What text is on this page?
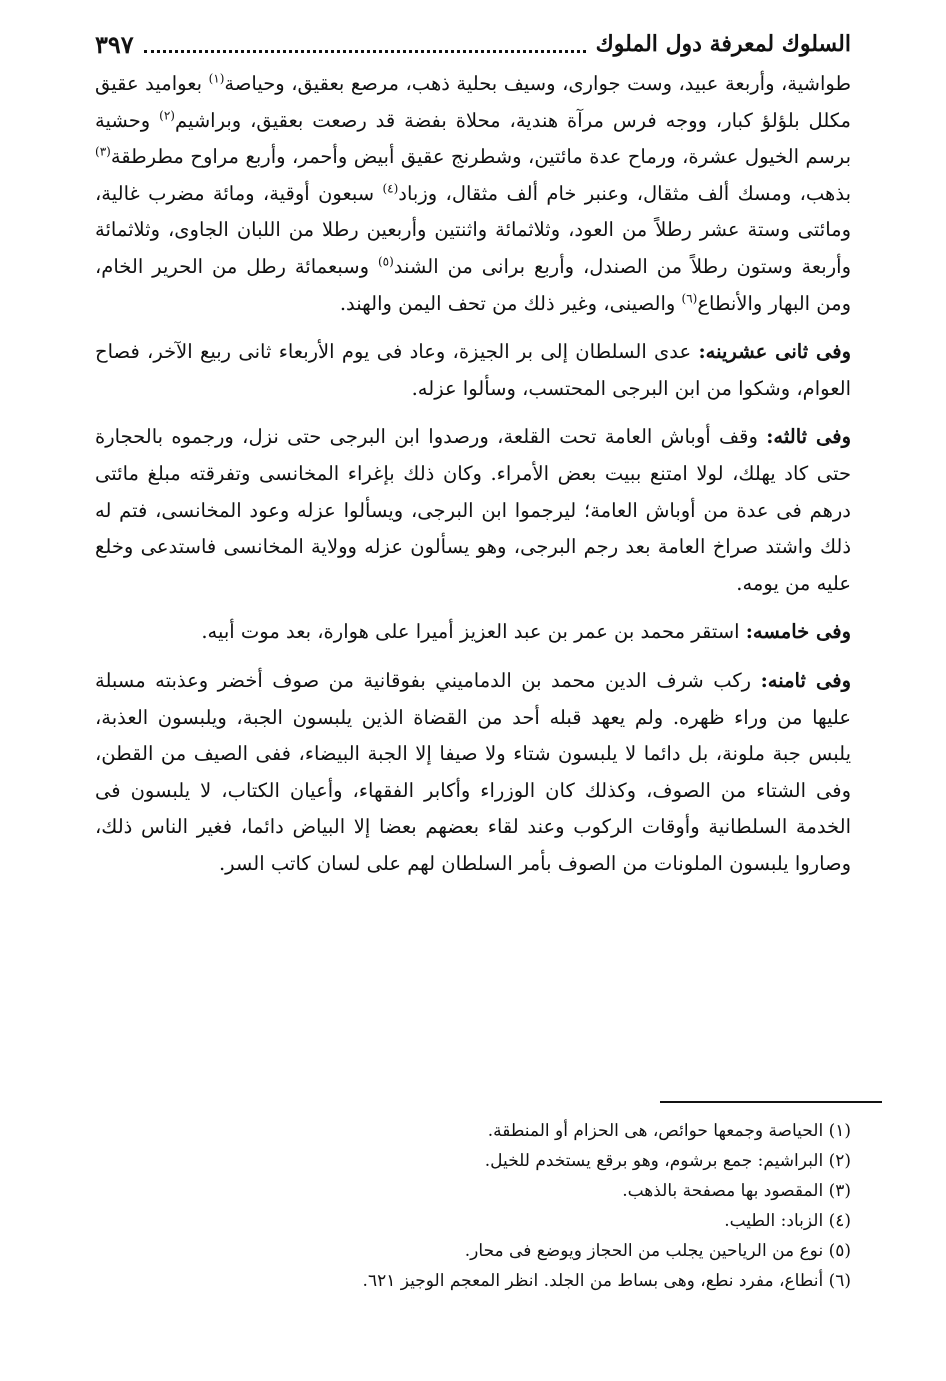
السلوك لمعرفة دول الملوك
٣٩٧

طواشية، وأربعة عبيد، وست جوارى، وسيف بحلية ذهب، مرصع بعقيق، وحياصة$^{(١)}$ بعواميد عقيق مكلل بلؤلؤ كبار، ووجه فرس مرآة هندية، محلاة بفضة قد رصعت بعقيق، وبراشيم$^{(٢)}$ وحشية برسم الخيول عشرة، ورماح عدة مائتين، وشطرنج عقيق أبيض وأحمر، وأربع مراوح مطرطقة$^{(٣)}$ بذهب، ومسك ألف مثقال، وعنبر خام ألف مثقال، وزباد$^{(٤)}$ سبعون أوقية، ومائة مضرب غالية، ومائتى وستة عشر رطلاً من العود، وثلاثمائة واثنتين وأربعين رطلا من اللبان الجاوى، وثلاثمائة وأربعة وستون رطلاً من الصندل، وأربع برانى من الشند$^{(٥)}$ وسبعمائة رطل من الحرير الخام، ومن البهار والأنطاع$^{(٦)}$ والصينى، وغير ذلك من تحف اليمن والهند.

وفى ثانى عشرينه: عدى السلطان إلى بر الجيزة، وعاد فى يوم الأربعاء ثانى ربيع الآخر، فصاح العوام، وشكوا من ابن البرجى المحتسب، وسألوا عزله.

وفى ثالثه: وقف أوباش العامة تحت القلعة، ورصدوا ابن البرجى حتى نزل، ورجموه بالحجارة حتى كاد يهلك، لولا امتنع ببيت بعض الأمراء. وكان ذلك بإغراء المخانسى وتفرقته مبلغ مائتى درهم فى عدة من أوباش العامة؛ ليرجموا ابن البرجى، ويسألوا عزله وعود المخانسى، فتم له ذلك واشتد صراخ العامة بعد رجم البرجى، وهو يسألون عزله وولاية المخانسى فاستدعى وخلع عليه من يومه.

وفى خامسه: استقر محمد بن عمر بن عبد العزيز أميرا على هوارة، بعد موت أبيه.

وفى ثامنه: ركب شرف الدين محمد بن الدماميني بفوقانية من صوف أخضر وعذبته مسبلة عليها من وراء ظهره. ولم يعهد قبله أحد من القضاة الذين يلبسون الجبة، ويلبسون العذبة، يلبس جبة ملونة، بل دائما لا يلبسون شتاء ولا صيفا إلا الجبة البيضاء، ففى الصيف من القطن، وفى الشتاء من الصوف، وكذلك كان الوزراء وأكابر الفقهاء، وأعيان الكتاب، لا يلبسون فى الخدمة السلطانية وأوقات الركوب وعند لقاء بعضهم بعضا إلا البياض دائما، فغير الناس ذلك، وصاروا يلبسون الملونات من الصوف بأمر السلطان لهم على لسان كاتب السر.

(١) الحياصة وجمعها حوائص، هى الحزام أو المنطقة.

(٢) البراشيم: جمع برشوم، وهو برقع يستخدم للخيل.

(٣) المقصود بها مصفحة بالذهب.

(٤) الزباد: الطيب.

(٥) نوع من الرياحين يجلب من الحجاز ويوضع فى محار.

(٦) أنطاع، مفرد نطع، وهى بساط من الجلد. انظر المعجم الوجيز ٦٢١.
